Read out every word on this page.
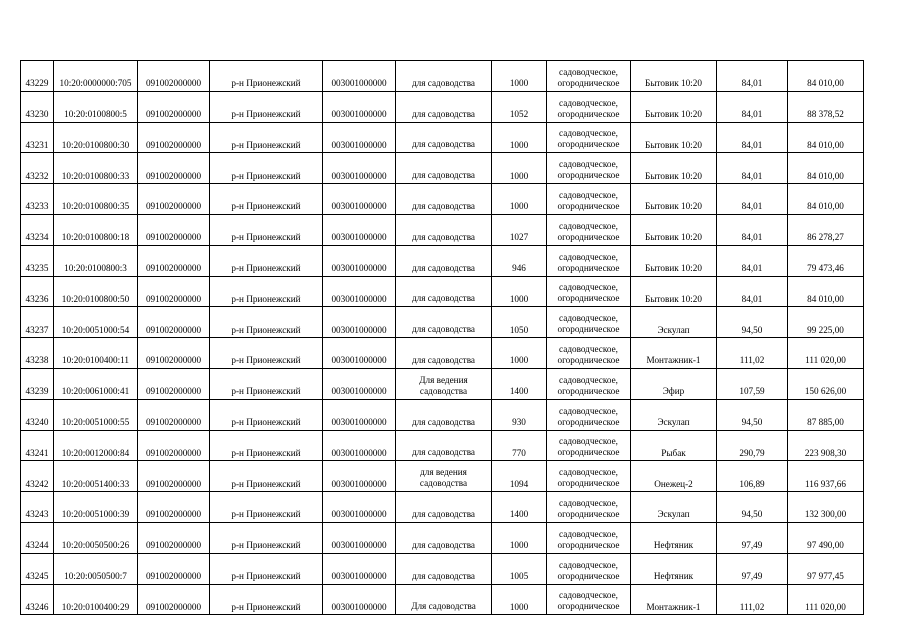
43229	10:20:0000000:705	091002000000	р-н Прионежский	003001000000	для садоводства	1000	садоводческое,
огородническое	Бытовик 10:20	84,01	84 010,00
43230	10:20:0100800:5	091002000000	р-н Прионежский	003001000000	для садоводства	1052	садоводческое,
огородническое	Бытовик 10:20	84,01	88 378,52
43231	10:20:0100800:30	091002000000	р-н Прионежский	003001000000	для садоводства	1000	садоводческое,
огородническое	Бытовик 10:20	84,01	84 010,00
43232	10:20:0100800:33	091002000000	р-н Прионежский	003001000000	для садоводства	1000	садоводческое,
огородническое	Бытовик 10:20	84,01	84 010,00
43233	10:20:0100800:35	091002000000	р-н Прионежский	003001000000	для садоводства	1000	садоводческое,
огородническое	Бытовик 10:20	84,01	84 010,00
43234	10:20:0100800:18	091002000000	р-н Прионежский	003001000000	для садоводства	1027	садоводческое,
огородническое	Бытовик 10:20	84,01	86 278,27
43235	10:20:0100800:3	091002000000	р-н Прионежский	003001000000	для садоводства	946	садоводческое,
огородническое	Бытовик 10:20	84,01	79 473,46
43236	10:20:0100800:50	091002000000	р-н Прионежский	003001000000	для садоводства	1000	садоводческое,
огородническое	Бытовик 10:20	84,01	84 010,00
43237	10:20:0051000:54	091002000000	р-н Прионежский	003001000000	для садоводства	1050	садоводческое,
огородническое	Эскулап	94,50	99 225,00
43238	10:20:0100400:11	091002000000	р-н Прионежский	003001000000	для садоводства	1000	садоводческое,
огородническое	Монтажник-1	111,02	111 020,00
43239	10:20:0061000:41	091002000000	р-н Прионежский	003001000000	Для ведения
садоводства	1400	садоводческое,
огородническое	Эфир	107,59	150 626,00
43240	10:20:0051000:55	091002000000	р-н Прионежский	003001000000	для садоводства	930	садоводческое,
огородническое	Эскулап	94,50	87 885,00
43241	10:20:0012000:84	091002000000	р-н Прионежский	003001000000	для садоводства	770	садоводческое,
огородническое	Рыбак	290,79	223 908,30
43242	10:20:0051400:33	091002000000	р-н Прионежский	003001000000	для ведения
садоводства	1094	садоводческое,
огородническое	Онежец-2	106,89	116 937,66
43243	10:20:0051000:39	091002000000	р-н Прионежский	003001000000	для садоводства	1400	садоводческое,
огородническое	Эскулап	94,50	132 300,00
43244	10:20:0050500:26	091002000000	р-н Прионежский	003001000000	для садоводства	1000	садоводческое,
огородническое	Нефтяник	97,49	97 490,00
43245	10:20:0050500:7	091002000000	р-н Прионежский	003001000000	для садоводства	1005	садоводческое,
огородническое	Нефтяник	97,49	97 977,45
43246	10:20:0100400:29	091002000000	р-н Прионежский	003001000000	Для садоводства	1000	садоводческое,
огородническое	Монтажник-1	111,02	111 020,00
